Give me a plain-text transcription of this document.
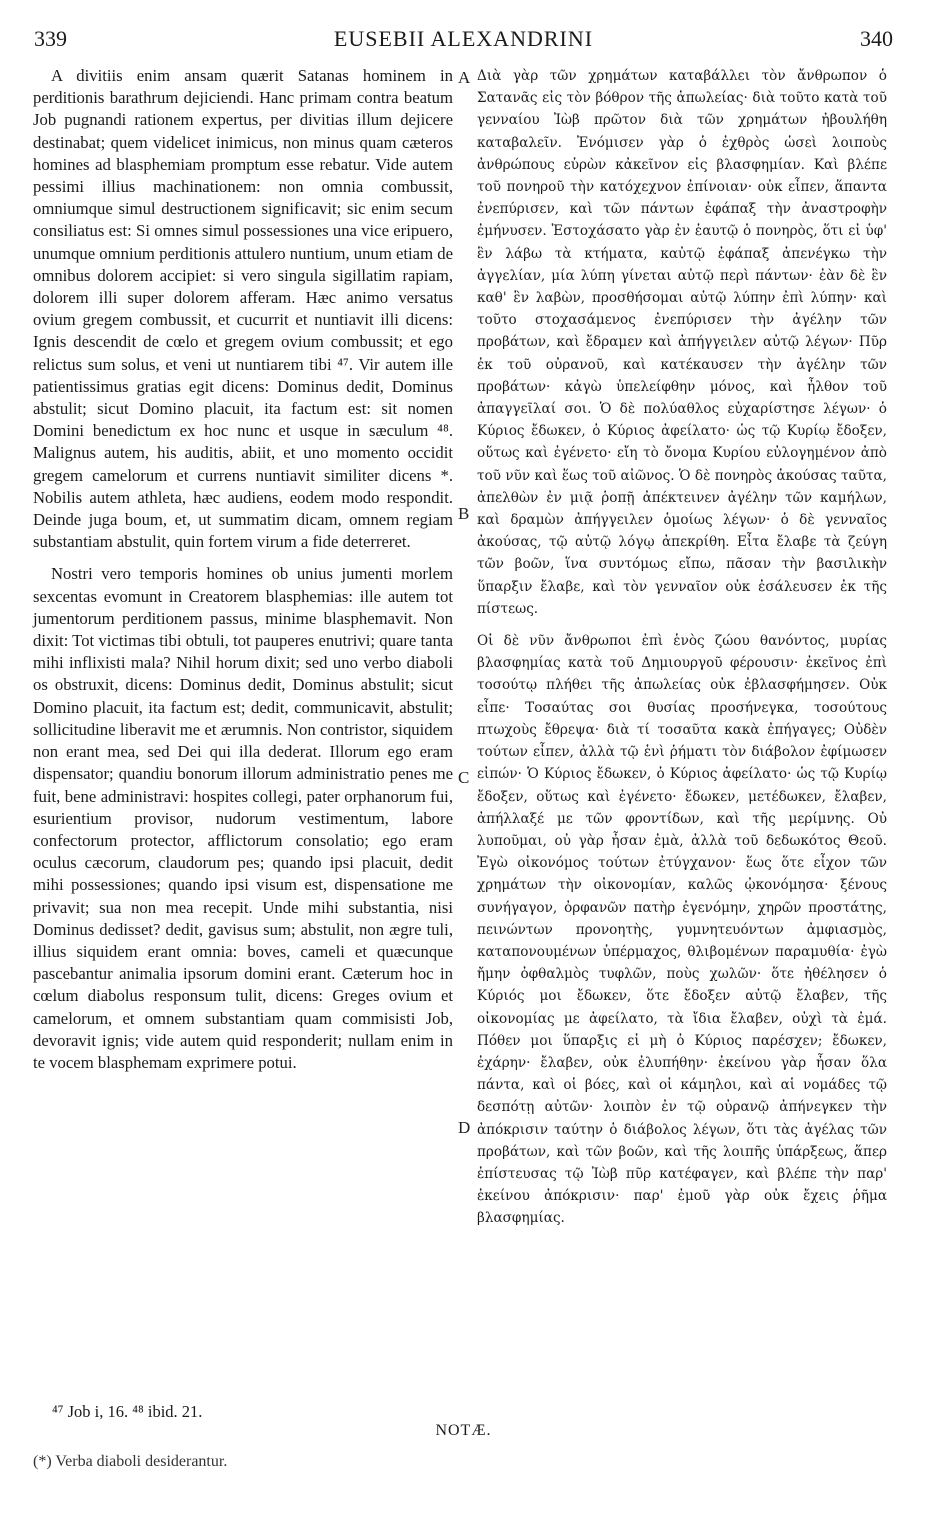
339	EUSEBII ALEXANDRINI	340

A divitiis enim ansam quærit Satanas hominem in perditionis barathrum dejiciendi. Hanc primam contra beatum Job pugnandi rationem expertus, per divitias illum dejicere destinabat; quem videlicet inimicus, non minus quam cæteros homines ad blasphemiam promptum esse rebatur. Vide autem pessimi illius machinationem: non omnia combussit, omniumque simul destructionem significavit; sic enim secum consiliatus est: Si omnes simul possessiones una vice eripuero, unumque omnium perditionis attulero nuntium, unum etiam de omnibus dolorem accipiet: si vero singula sigillatim rapiam, dolorem illi super dolorem afferam. Hæc animo versatus ovium gregem combussit, et cucurrit et nuntiavit illi dicens: Ignis descendit de cœlo et gregem ovium combussit; et ego relictus sum solus, et veni ut nuntiarem tibi ⁴⁷. Vir autem ille patientissimus gratias egit dicens: Dominus dedit, Dominus abstulit; sicut Domino placuit, ita factum est: sit nomen Domini benedictum ex hoc nunc et usque in sæculum ⁴⁸. Malignus autem, his auditis, abiit, et uno momento occidit gregem camelorum et currens nuntiavit similiter dicens *. Nobilis autem athleta, hæc audiens, eodem modo respondit. Deinde juga boum, et, ut summatim dicam, omnem regiam substantiam abstulit, quin fortem virum a fide deterreret.

Nostri vero temporis homines ob unius jumenti morlem sexcentas evomunt in Creatorem blasphemias: ille autem tot jumentorum perditionem passus, minime blasphemavit. Non dixit: Tot victimas tibi obtuli, tot pauperes enutrivi; quare tanta mihi inflixisti mala? Nihil horum dixit; sed uno verbo diaboli os obstruxit, dicens: Dominus dedit, Dominus abstulit; sicut Domino placuit, ita factum est; dedit, communicavit, abstulit; sollicitudine liberavit me et ærumnis. Non contristor, siquidem non erant mea, sed Dei qui illa dederat. Illorum ego eram dispensator; quandiu bonorum illorum administratio penes me fuit, bene administravi: hospites collegi, pater orphanorum fui, esurientium provisor, nudorum vestimentum, labore confectorum protector, afflictorum consolatio; ego eram oculus cæcorum, claudorum pes; quando ipsi placuit, dedit mihi possessiones; quando ipsi visum est, dispensatione me privavit; sua non mea recepit. Unde mihi substantia, nisi Dominus dedisset? dedit, gavisus sum; abstulit, non ægre tuli, illius siquidem erant omnia: boves, cameli et quæcunque pascebantur animalia ipsorum domini erant. Cæterum hoc in cœlum diabolus responsum tulit, dicens: Greges ovium et camelorum, et omnem substantiam quam commisisti Job, devoravit ignis; vide autem quid responderit; nullam enim in te vocem blasphemam exprimere potui.

A
B
C
D

Διὰ γὰρ τῶν χρημάτων καταβάλλει τὸν ἄνθρωπον ὁ Σατανᾶς εἰς τὸν βόθρον τῆς ἀπωλείας· διὰ τοῦτο κατὰ τοῦ γενναίου Ἰὼβ πρῶτον διὰ τῶν χρημάτων ἠβουλήθη καταβαλεῖν. Ἐνόμισεν γὰρ ὁ ἐχθρὸς ὡσεὶ λοιποὺς ἀνθρώπους εὑρὼν κἀκεῖνον εἰς βλασφημίαν. Καὶ βλέπε τοῦ πονηροῦ τὴν κατόχεχνον ἐπίνοιαν· οὐκ εἶπεν, ἅπαντα ἐνεπύρισεν, καὶ τῶν πάντων ἐφάπαξ τὴν ἀναστροφὴν ἐμήνυσεν. Ἐστοχάσατο γὰρ ἐν ἑαυτῷ ὁ πονηρὸς, ὅτι εἰ ὑφ' ἓν λάβω τὰ κτήματα, καὐτῷ ἐφάπαξ ἀπενέγκω τὴν ἀγγελίαν, μία λύπη γίνεται αὐτῷ περὶ πάντων· ἐὰν δὲ ἓν καθ' ἓν λαβὼν, προσθήσομαι αὐτῷ λύπην ἐπὶ λύπην· καὶ τοῦτο στοχασάμενος ἐνεπύρισεν τὴν ἀγέλην τῶν προβάτων, καὶ ἔδραμεν καὶ ἀπήγγειλεν αὐτῷ λέγων· Πῦρ ἐκ τοῦ οὐρανοῦ, καὶ κατέκαυσεν τὴν ἀγέλην τῶν προβάτων· κἀγὼ ὑπελείφθην μόνος, καὶ ἦλθον τοῦ ἀπαγγεῖλαί σοι. Ὁ δὲ πολύαθλος εὐχαρίστησε λέγων· ὁ Κύριος ἔδωκεν, ὁ Κύριος ἀφείλατο· ὡς τῷ Κυρίῳ ἔδοξεν, οὕτως καὶ ἐγένετο· εἴη τὸ ὄνομα Κυρίου εὐλογημένον ἀπὸ τοῦ νῦν καὶ ἕως τοῦ αἰῶνος. Ὁ δὲ πονηρὸς ἀκούσας ταῦτα, ἀπελθὼν ἐν μιᾷ ῥοπῇ ἀπέκτεινεν ἀγέλην τῶν καμήλων, καὶ δραμὼν ἀπήγγειλεν ὁμοίως λέγων· ὁ δὲ γενναῖος ἀκούσας, τῷ αὐτῷ λόγῳ ἀπεκρίθη. Εἶτα ἔλαβε τὰ ζεύγη τῶν βοῶν, ἵνα συντόμως εἴπω, πᾶσαν τὴν βασιλικὴν ὕπαρξιν ἔλαβε, καὶ τὸν γενναῖον οὐκ ἐσάλευσεν ἐκ τῆς πίστεως.

Οἱ δὲ νῦν ἄνθρωποι ἐπὶ ἑνὸς ζώου θανόντος, μυρίας βλασφημίας κατὰ τοῦ Δημιουργοῦ φέρουσιν· ἐκεῖνος ἐπὶ τοσούτῳ πλήθει τῆς ἀπωλείας οὐκ ἐβλασφήμησεν. Οὐκ εἶπε· Τοσαύτας σοι θυσίας προσήνεγκα, τοσούτους πτωχοὺς ἔθρεψα· διὰ τί τοσαῦτα κακὰ ἐπήγαγες; Οὐδὲν τούτων εἶπεν, ἀλλὰ τῷ ἑνὶ ῥήματι τὸν διάβολον ἐφίμωσεν εἰπών· Ὁ Κύριος ἔδωκεν, ὁ Κύριος ἀφείλατο· ὡς τῷ Κυρίῳ ἔδοξεν, οὕτως καὶ ἐγένετο· ἔδωκεν, μετέδωκεν, ἔλαβεν, ἀπήλλαξέ με τῶν φροντίδων, καὶ τῆς μερίμνης. Οὐ λυποῦμαι, οὐ γὰρ ἦσαν ἐμὰ, ἀλλὰ τοῦ δεδωκότος Θεοῦ. Ἐγὼ οἰκονόμος τούτων ἐτύγχανον· ἕως ὅτε εἶχον τῶν χρημάτων τὴν οἰκονομίαν, καλῶς ᾠκονόμησα· ξένους συνήγαγον, ὀρφανῶν πατὴρ ἐγενόμην, χηρῶν προστάτης, πεινώντων προνοητὴς, γυμνητευόντων ἀμφιασμὸς, καταπονουμένων ὑπέρμαχος, θλιβομένων παραμυθία· ἐγὼ ἤμην ὀφθαλμὸς τυφλῶν, ποὺς χωλῶν· ὅτε ἠθέλησεν ὁ Κύριός μοι ἔδωκεν, ὅτε ἔδοξεν αὐτῷ ἔλαβεν, τῆς οἰκονομίας με ἀφείλατο, τὰ ἴδια ἔλαβεν, οὐχὶ τὰ ἐμά. Πόθεν μοι ὕπαρξις εἰ μὴ ὁ Κύριος παρέσχεν; ἔδωκεν, ἐχάρην· ἔλαβεν, οὐκ ἐλυπήθην· ἐκείνου γὰρ ἦσαν ὅλα πάντα, καὶ οἱ βόες, καὶ οἱ κάμηλοι, καὶ αἱ νομάδες τῷ δεσπότῃ αὐτῶν· λοιπὸν ἐν τῷ οὐρανῷ ἀπήνεγκεν τὴν ἀπόκρισιν ταύτην ὁ διάβολος λέγων, ὅτι τὰς ἀγέλας τῶν προβάτων, καὶ τῶν βοῶν, καὶ τῆς λοιπῆς ὑπάρξεως, ἅπερ ἐπίστευσας τῷ Ἰὼβ πῦρ κατέφαγεν, καὶ βλέπε τὴν παρ' ἐκείνου ἀπόκρισιν· παρ' ἐμοῦ γὰρ οὐκ ἔχεις ῥῆμα βλασφημίας.

⁴⁷ Job i, 16. ⁴⁸ ibid. 21.
NOTÆ.
(*) Verba diaboli desiderantur.
